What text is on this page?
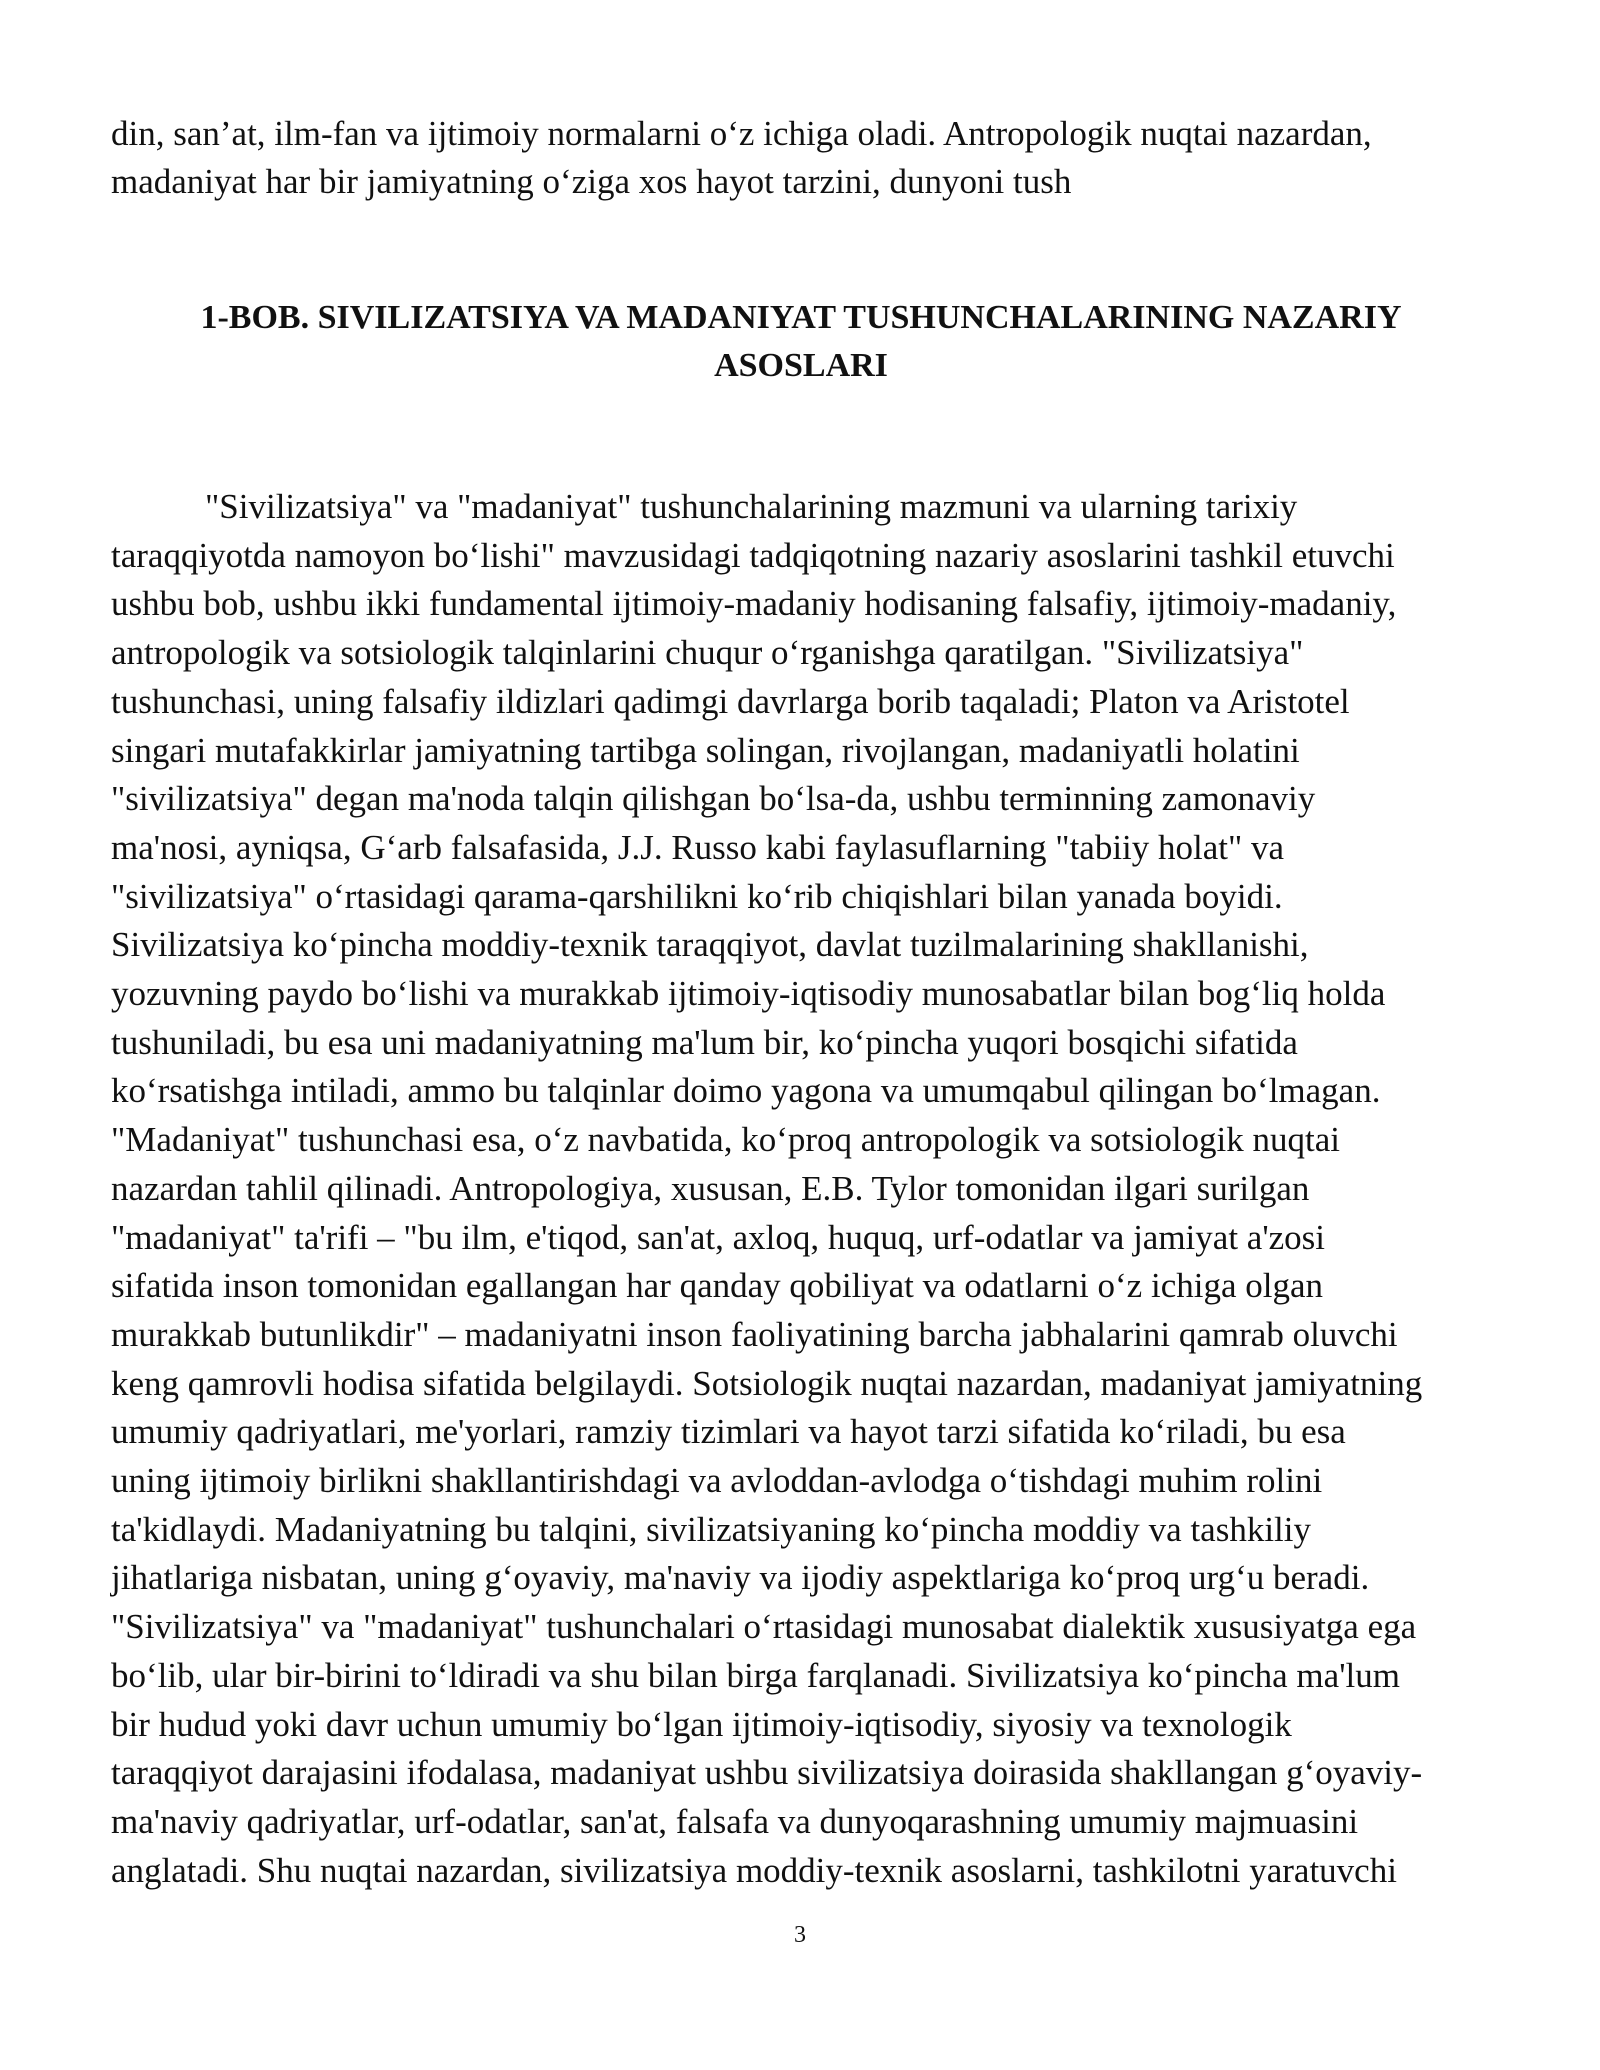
din, san’at, ilm-fan va ijtimoiy normalarni o‘z ichiga oladi. Antropologik nuqtai nazardan,
madaniyat har bir jamiyatning o‘ziga xos hayot tarzini, dunyoni tush

1-BOB. SIVILIZATSIYA VA MADANIYAT TUSHUNCHALARINING NAZARIY
ASOSLARI

"Sivilizatsiya" va "madaniyat" tushunchalarining mazmuni va ularning tarixiy
taraqqiyotda namoyon bo‘lishi" mavzusidagi tadqiqotning nazariy asoslarini tashkil etuvchi
ushbu bob, ushbu ikki fundamental ijtimoiy-madaniy hodisaning falsafiy, ijtimoiy-madaniy,
antropologik va sotsiologik talqinlarini chuqur o‘rganishga qaratilgan. "Sivilizatsiya"
tushunchasi, uning falsafiy ildizlari qadimgi davrlarga borib taqaladi; Platon va Aristotel
singari mutafakkirlar jamiyatning tartibga solingan, rivojlangan, madaniyatli holatini
"sivilizatsiya" degan ma'noda talqin qilishgan bo‘lsa-da, ushbu terminning zamonaviy
ma'nosi, ayniqsa, G‘arb falsafasida, J.J. Russo kabi faylasuflarning "tabiiy holat" va
"sivilizatsiya" o‘rtasidagi qarama-qarshilikni ko‘rib chiqishlari bilan yanada boyidi.
Sivilizatsiya ko‘pincha moddiy-texnik taraqqiyot, davlat tuzilmalarining shakllanishi,
yozuvning paydo bo‘lishi va murakkab ijtimoiy-iqtisodiy munosabatlar bilan bog‘liq holda
tushuniladi, bu esa uni madaniyatning ma'lum bir, ko‘pincha yuqori bosqichi sifatida
ko‘rsatishga intiladi, ammo bu talqinlar doimo yagona va umumqabul qilingan bo‘lmagan.
"Madaniyat" tushunchasi esa, o‘z navbatida, ko‘proq antropologik va sotsiologik nuqtai
nazardan tahlil qilinadi. Antropologiya, xususan, E.B. Tylor tomonidan ilgari surilgan
"madaniyat" ta'rifi – "bu ilm, e'tiqod, san'at, axloq, huquq, urf-odatlar va jamiyat a'zosi
sifatida inson tomonidan egallangan har qanday qobiliyat va odatlarni o‘z ichiga olgan
murakkab butunlikdir" – madaniyatni inson faoliyatining barcha jabhalarini qamrab oluvchi
keng qamrovli hodisa sifatida belgilaydi. Sotsiologik nuqtai nazardan, madaniyat jamiyatning
umumiy qadriyatlari, me'yorlari, ramziy tizimlari va hayot tarzi sifatida ko‘riladi, bu esa
uning ijtimoiy birlikni shakllantirishdagi va avloddan-avlodga o‘tishdagi muhim rolini
ta'kidlaydi. Madaniyatning bu talqini, sivilizatsiyaning ko‘pincha moddiy va tashkiliy
jihatlariga nisbatan, uning g‘oyaviy, ma'naviy va ijodiy aspektlariga ko‘proq urg‘u beradi.
"Sivilizatsiya" va "madaniyat" tushunchalari o‘rtasidagi munosabat dialektik xususiyatga ega
bo‘lib, ular bir-birini to‘ldiradi va shu bilan birga farqlanadi. Sivilizatsiya ko‘pincha ma'lum
bir hudud yoki davr uchun umumiy bo‘lgan ijtimoiy-iqtisodiy, siyosiy va texnologik
taraqqiyot darajasini ifodalasa, madaniyat ushbu sivilizatsiya doirasida shakllangan g‘oyaviy-
ma'naviy qadriyatlar, urf-odatlar, san'at, falsafa va dunyoqarashning umumiy majmuasini
anglatadi. Shu nuqtai nazardan, sivilizatsiya moddiy-texnik asoslarni, tashkilotni yaratuvchi

3
